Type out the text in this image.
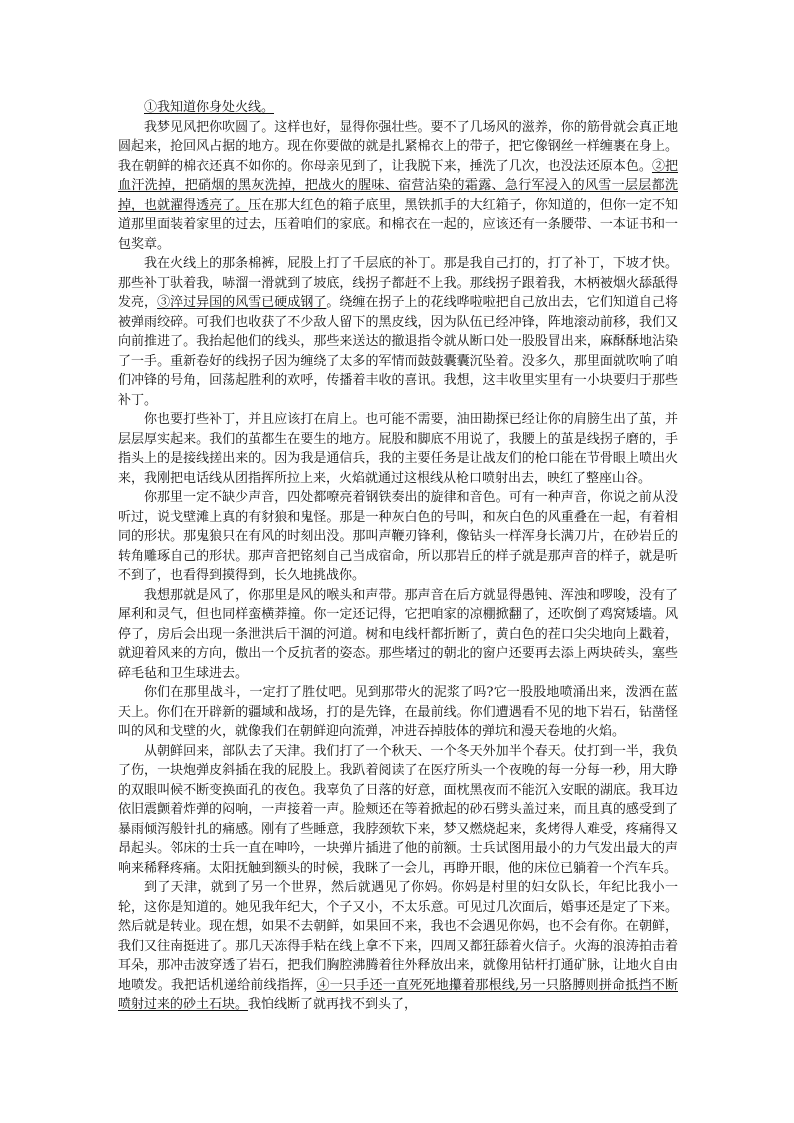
①我知道你身处火线。

我梦见风把你吹圆了。这样也好，显得你强壮些。要不了几场风的滋养，你的筋骨就会真正地圆起来，抢回风占据的地方。现在你要做的就是扎紧棉衣上的带子，把它像钢丝一样缠裹在身上。我在朝鲜的棉衣还真不如你的。你母亲见到了，让我脱下来，捶洗了几次，也没法还原本色。②把血汗洗掉，把硝烟的黑灰洗掉，把战火的腥味、宿营沾染的霜露、急行军浸入的风雪一层层都洗掉，也就濯得透亮了。压在那大红色的箱子底里，黑铁抓手的大红箱子，你知道的，但你一定不知道那里面装着家里的过去，压着咱们的家底。和棉衣在一起的，应该还有一条腰带、一本证书和一包奖章。

我在火线上的那条棉裤，屁股上打了千层底的补丁。那是我自己打的，打了补丁，下坡才快。那些补丁驮着我，哧溜一滑就到了坡底，线拐子都赶不上我。那线拐子跟着我，木柄被烟火舔舐得发亮，③淬过异国的风雪已硬成钢了。绕缠在拐子上的花线哗啦啦把自己放出去，它们知道自己将被弹雨绞碎。可我们也收获了不少敌人留下的黑皮线，因为队伍已经冲锋，阵地滚动前移，我们又向前推进了。我抬起他们的线头，那些来送达的撤退指令就从断口处一股股冒出来，麻酥酥地沾染了一手。重新卷好的线拐子因为缠绕了太多的军情而鼓鼓囊囊沉坠着。没多久，那里面就吹响了咱们冲锋的号角，回荡起胜利的欢呼，传播着丰收的喜讯。我想，这丰收里实里有一小块要归于那些补丁。

你也要打些补丁，并且应该打在肩上。也可能不需要，油田勘探已经让你的肩膀生出了茧，并层层厚实起来。我们的茧都生在要生的地方。屁股和脚底不用说了，我腰上的茧是线拐子磨的，手指头上的是接线搓出来的。因为我是通信兵，我的主要任务是让战友们的枪口能在节骨眼上喷出火来，我刚把电话线从团指挥所拉上来，火焰就通过这根线从枪口喷射出去，映红了整座山谷。

你那里一定不缺少声音，四处都嘹亮着钢铁奏出的旋律和音色。可有一种声音，你说之前从没听过，说戈壁滩上真的有豺狼和鬼怪。那是一种灰白色的号叫，和灰白色的风重叠在一起，有着相同的形状。那鬼狼只在有风的时刻出没。那叫声鞭刃锋利，像钻头一样浑身长满刀片，在砂岩丘的转角雕琢自己的形状。那声音把铭刻自己当成宿命，所以那岩丘的样子就是那声音的样子，就是听不到了，也看得到摸得到，长久地挑战你。

我想那就是风了，你那里是风的喉头和声带。那声音在后方就显得愚钝、浑浊和啰唆，没有了犀利和灵气，但也同样蛮横莽撞。你一定还记得，它把咱家的凉棚掀翻了，还吹倒了鸡窝矮墙。风停了，房后会出现一条泄洪后干涸的河道。树和电线杆都折断了，黄白色的茬口尖尖地向上戳着，就迎着风来的方向，傲出一个反抗者的姿态。那些堵过的朝北的窗户还要再去添上两块砖头，塞些碎毛毡和卫生球进去。

你们在那里战斗，一定打了胜仗吧。见到那带火的泥浆了吗?它一股股地喷涌出来，泼洒在蓝天上。你们在开辟新的疆域和战场，打的是先锋，在最前线。你们遭遇看不见的地下岩石，钻凿怪叫的风和戈壁的火，就像我们在朝鲜迎向流弹，冲进吞掉肢体的弹坑和漫天卷地的火焰。

从朝鲜回来，部队去了天津。我们打了一个秋天、一个冬天外加半个春天。仗打到一半，我负了伤，一块炮弹皮斜插在我的屁股上。我趴着阅读了在医疗所头一个夜晚的每一分每一秒，用大睁的双眼叫候不断变换面孔的夜色。我辜负了日落的好意，面枕黑夜而不能沉入安眠的湖底。我耳边依旧震颤着炸弹的闷响，一声接着一声。脸颊还在等着掀起的砂石劈头盖过来，而且真的感受到了暴雨倾泻般针扎的痛感。刚有了些睡意，我脖颈软下来，梦又燃烧起来，炙烤得人难受，疼痛得又昂起头。邻床的士兵一直在呻吟，一块弹片插进了他的前额。士兵试图用最小的力气发出最大的声响来稀释疼痛。太阳抚触到额头的时候，我眯了一会儿，再睁开眼，他的床位已躺着一个汽车兵。

到了天津，就到了另一个世界，然后就遇见了你妈。你妈是村里的妇女队长，年纪比我小一轮，这你是知道的。她见我年纪大，个子又小，不太乐意。可见过几次面后，婚事还是定了下来。然后就是转业。现在想，如果不去朝鲜，如果回不来，我也不会遇见你妈，也不会有你。在朝鲜，我们又往南挺进了。那几天冻得手粘在线上拿不下来，四周又都狂舔着火信子。火海的浪涛拍击着耳朵，那冲击波穿透了岩石，把我们胸腔沸腾着往外释放出来，就像用钻杆打通矿脉，让地火自由地喷发。我把话机递给前线指挥，④一只手还一直死死地攥着那根线,另一只胳膊则拼命抵挡不断喷射过来的砂土石块。我怕线断了就再找不到头了，
